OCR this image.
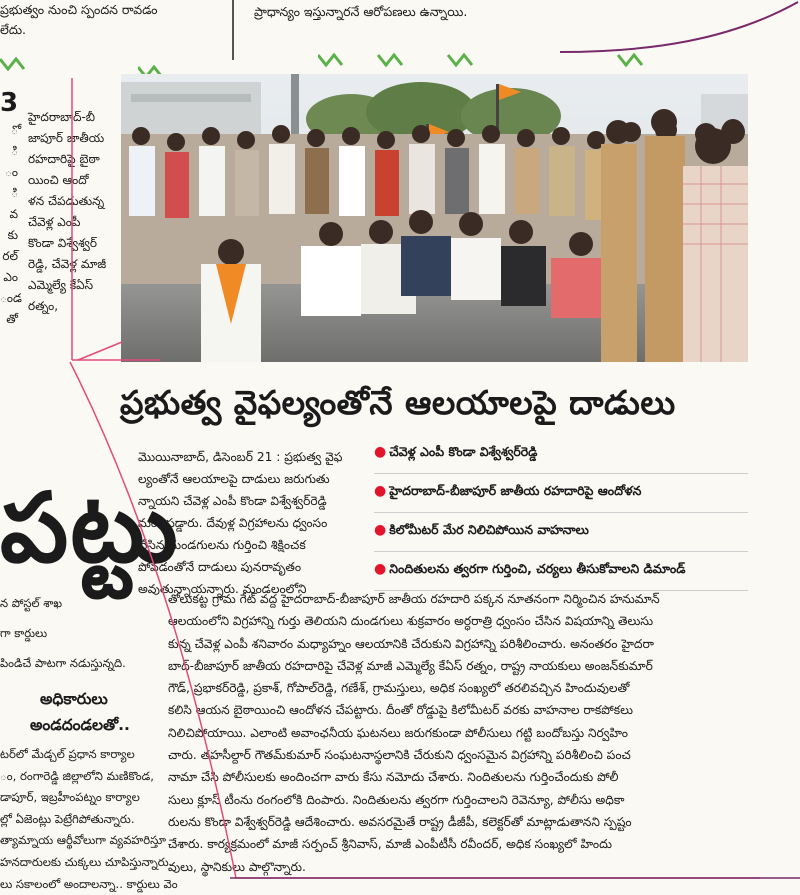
ప్రభుత్వం నుంచి స్పందన రావడం
లేదు.
ప్రాధాన్యం ఇస్తున్నారనే ఆరోపణలు ఉన్నాయి.
3
ో
ి
ం
ి
వ
కు
రల్
ఎం
ండ
తో
హైదరాబాద్-బీ
జాపూర్ జాతీయ
రహదారిపై బైఠా
యించి ఆందో
ళన చేపడుతున్న
చేవెళ్ల ఎంపీ
కొండా విశ్వేశ్వర్
రెడ్డి, చేవెళ్ల మాజీ
ఎమ్మెల్యే కేఏస్
రత్నం,
ప్రభుత్వ వైఫల్యంతోనే ఆలయాలపై దాడులు
● చేవెళ్ల ఎంపీ కొండా విశ్వేశ్వర్‌రెడ్డి
● హైదరాబాద్-బీజాపూర్ జాతీయ రహదారిపై ఆందోళన
● కిలోమీటర్ మేర నిలిచిపోయిన వాహనాలు
● నిందితులను త్వరగా గుర్తించి, చర్యలు తీసుకోవాలని డిమాండ్
మొయినాబాద్, డిసెంబర్ 21 : ప్రభుత్వ వైఫ
ల్యంతోనే ఆలయాలపై దాడులు జరుగుతు
న్నాయని చేవెళ్ల ఎంపీ కొండా విశ్వేశ్వర్‌రెడ్డి
మండిపడ్డారు. దేవుళ్ల విగ్రహాలను ధ్వంసం
చేసిన దుండగులను గుర్తించి శిక్షించక
పోవడంతోనే దాడులు పునరావృతం
అవుతున్నాయన్నారు. మండలంలోని
తోలుకట్ట గ్రామ గేట్ వద్ద హైదరాబాద్-బీజాపూర్ జాతీయ రహదారి పక్కన నూతనంగా నిర్మించిన హనుమాన్
ఆలయంలోని విగ్రహాన్ని గుర్తు తెలియని దుండగులు శుక్రవారం అర్ధరాత్రి ధ్వంసం చేసిన విషయాన్ని తెలుసు
కున్న చేవెళ్ల ఎంపీ శనివారం మధ్యాహ్నం ఆలయానికి చేరుకుని విగ్రహాన్ని పరిశీలించారు. అనంతరం హైదరా
బాద్-బీజాపూర్ జాతీయ రహదారిపై చేవెళ్ల మాజీ ఎమ్మెల్యే కేఏస్ రత్నం, రాష్ట్ర నాయకులు అంజన్‌కుమార్
గౌడ్, ప్రభాకర్‌రెడ్డి, ప్రకాశ్, గోపాల్‌రెడ్డి, గణేశ్, గ్రామస్తులు, అధిక సంఖ్యలో తరలివచ్చిన హిందువులతో
కలిసి ఆయన బైఠాయించి ఆందోళన చేపట్టారు. దీంతో రోడ్డుపై కిలోమీటర్ వరకు వాహనాల రాకపోకలు
నిలిచిపోయాయి. ఎలాంటి అవాంఛనీయ ఘటనలు జరుగకుండా పోలీసులు గట్టి బందోబస్తు నిర్వహిం
చారు. తహసీల్దార్ గౌతమ్‌కుమార్ సంఘటనాస్థలానికి చేరుకుని ధ్వంసమైన విగ్రహాన్ని పరిశీలించి పంచ
నామా చేసి పోలీసులకు అందించగా వారు కేసు నమోదు చేశారు. నిందితులను గుర్తించేందుకు పోలీ
సులు క్లూస్ టీంను రంగంలోకి దింపారు. నిందితులను త్వరగా గుర్తించాలని రెవెన్యూ, పోలీసు అధికా
రులను కొండా విశ్వేశ్వర్‌రెడ్డి ఆదేశించారు. అవసరమైతే రాష్ట్ర డీజీపీ, కలెక్టర్‌తో మాట్లాడుతానని స్పష్టం
చేశారు. కార్యక్రమంలో మాజీ సర్పంచ్ శ్రీనివాస్, మాజీ ఎంపీటీసీ రవీందర్, అధిక సంఖ్యలో హిందు
వులు, స్థానికులు పాల్గొన్నారు.
పట్టు
న పోస్టల్ శాఖ
గా కార్డులు
పిండిచే పాటగా నడుస్తున్నది.
అధికారులు
అండదండలతో..
టర్‌లో మేడ్చల్ ప్రధాన కార్యాల
ం, రంగారెడ్డి జిల్లాలోని మణికొండ,
డాపూర్, ఇబ్రహీంపట్నం కార్యాల
ల్లో ఏజెంట్లు పెట్రేగిపోతున్నారు.
త్యామ్నాయ ఆర్థీవోలుగా వ్యవహరిస్తూ
హనదారులకు చుక్కలు చూపిస్తున్నారు.
లు సకాలంలో అందాలన్నా.. కార్డులు వెం
